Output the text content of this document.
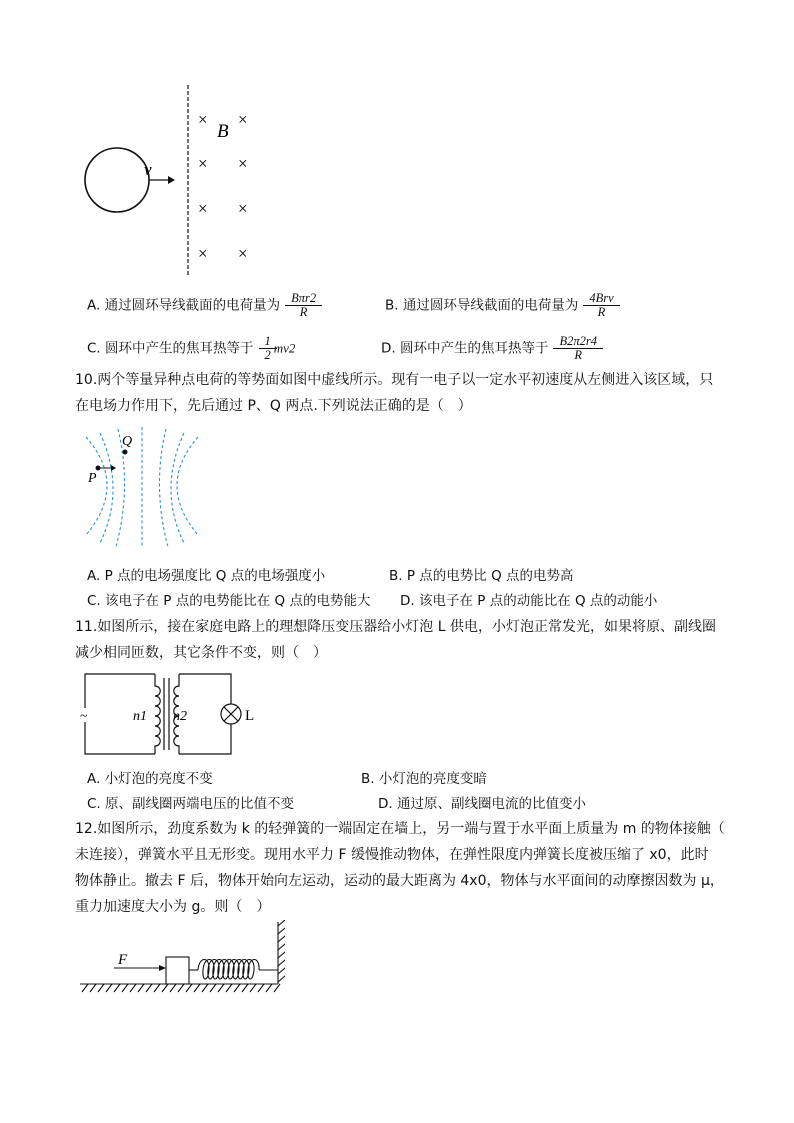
v
B
× ×
× ×
× ×
× ×
A. 通过圆环导线截面的电荷量为 $\frac{\text{Bπr2}}{R}$	B. 通过圆环导线截面的电荷量为 $\frac{\text{4Brv}}{R}$
C. 圆环中产生的焦耳热等于 $\frac{1}{2} mv2$	D. 圆环中产生的焦耳热等于 $\frac{B2\pi 2r4}{R}$
10.两个等量异种点电荷的等势面如图中虚线所示。现有一电子以一定水平初速度从左侧进入该区域，只在电场力作用下，先后通过 P、Q 两点.下列说法正确的是（　）
Q
P
A. P 点的电场强度比 Q 点的电场强度小	B. P 点的电势比 Q 点的电势高
C. 该电子在 P 点的电势能比在 Q 点的电势能大 D. 该电子在 P 点的动能比在 Q 点的动能小
11.如图所示，接在家庭电路上的理想降压变压器给小灯泡 L 供电，小灯泡正常发光，如果将原、副线圈减少相同匝数，其它条件不变，则（　）
~	n1 n2	L
A. 小灯泡的亮度不变	B. 小灯泡的亮度变暗
C. 原、副线圈两端电压的比值不变	D. 通过原、副线圈电流的比值变小
12.如图所示，劲度系数为 k 的轻弹簧的一端固定在墙上，另一端与置于水平面上质量为 m 的物体接触（
未连接），弹簧水平且无形变。现用水平力 F 缓慢推动物体，在弹性限度内弹簧长度被压缩了 x0，此时
物体静止。撤去 F 后，物体开始向左运动，运动的最大距离为 4x0，物体与水平面间的动摩擦因数为 μ，
重力加速度大小为 g。则（　）
F
